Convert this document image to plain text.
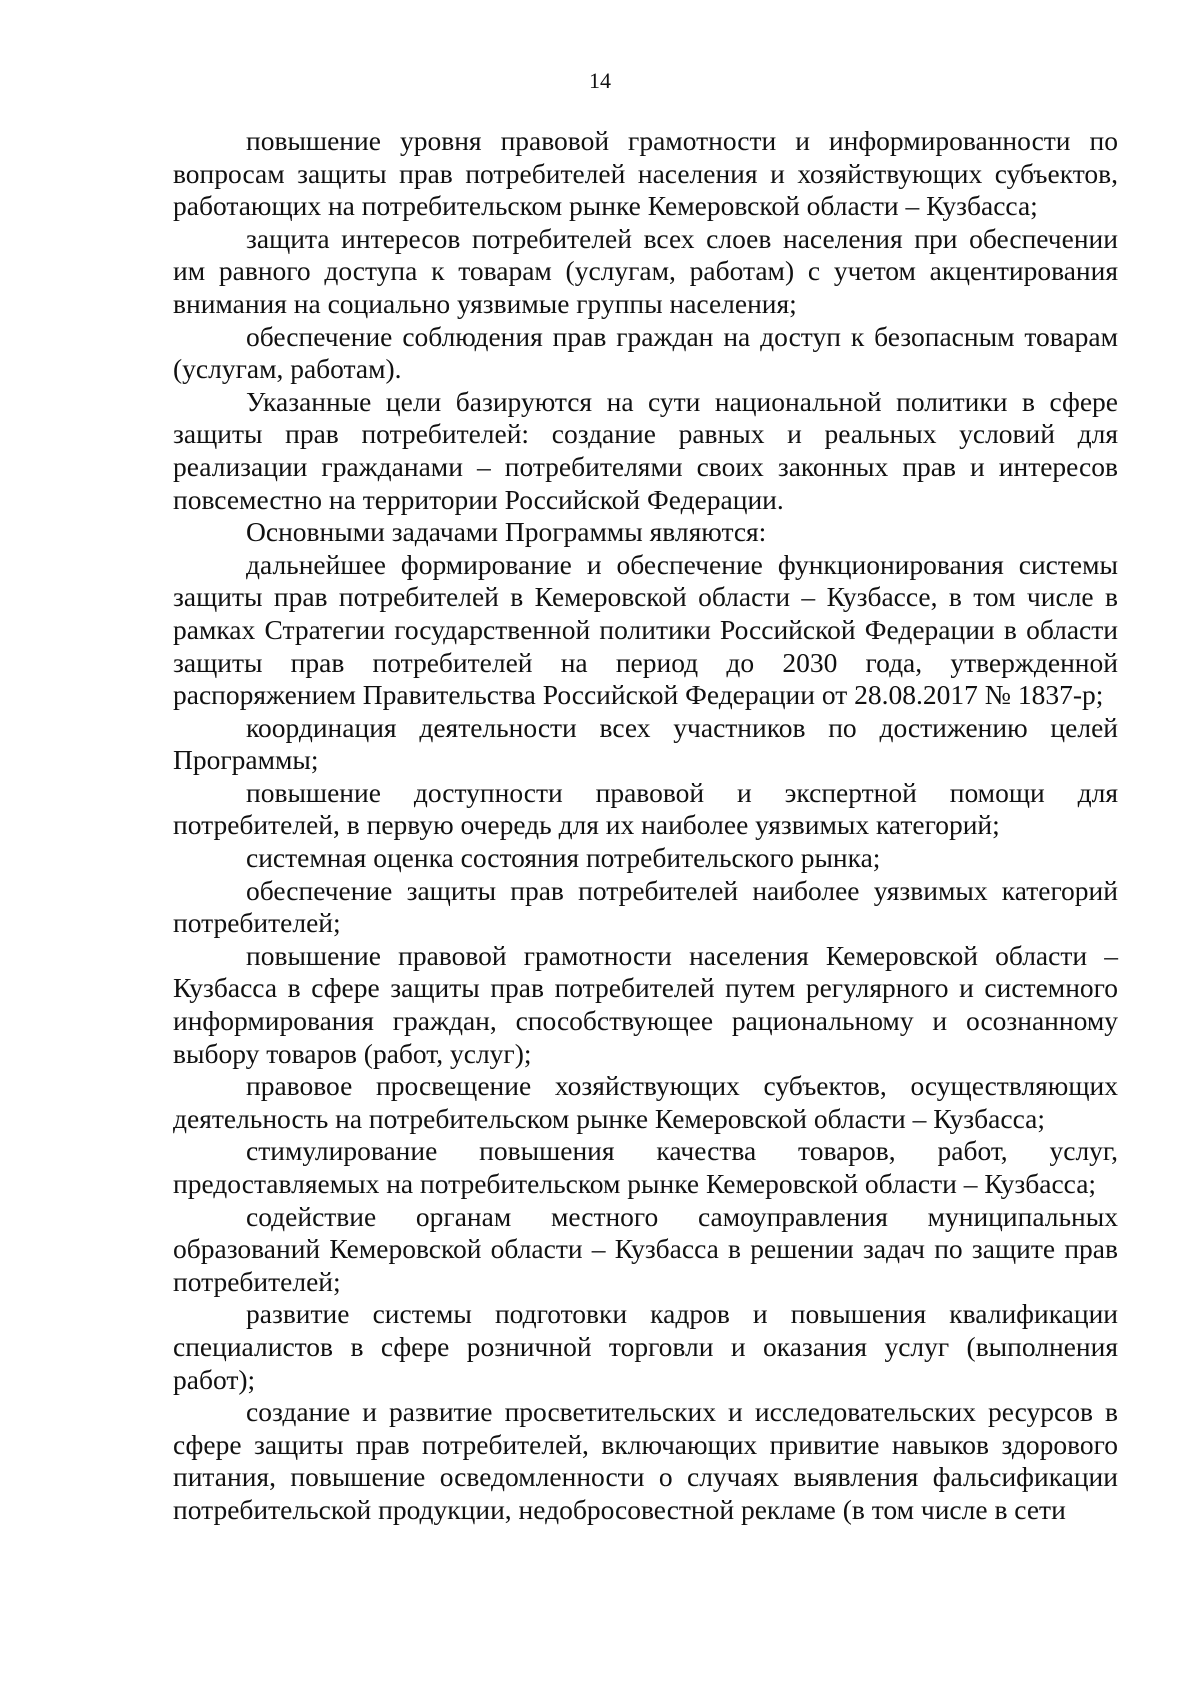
14

повышение уровня правовой грамотности и информированности по вопросам защиты прав потребителей населения и хозяйствующих субъектов, работающих на потребительском рынке Кемеровской области – Кузбасса;

защита интересов потребителей всех слоев населения при обеспечении им равного доступа к товарам (услугам, работам) с учетом акцентирования внимания на социально уязвимые группы населения;

обеспечение соблюдения прав граждан на доступ к безопасным товарам (услугам, работам).

Указанные цели базируются на сути национальной политики в сфере защиты прав потребителей: создание равных и реальных условий для реализации гражданами – потребителями своих законных прав и интересов повсеместно на территории Российской Федерации.

Основными задачами Программы являются:

дальнейшее формирование и обеспечение функционирования системы защиты прав потребителей в Кемеровской области – Кузбассе, в том числе в рамках Стратегии государственной политики Российской Федерации в области защиты прав потребителей на период до 2030 года, утвержденной распоряжением Правительства Российской Федерации от 28.08.2017 № 1837-р;

координация деятельности всех участников по достижению целей Программы;

повышение доступности правовой и экспертной помощи для потребителей, в первую очередь для их наиболее уязвимых категорий;

системная оценка состояния потребительского рынка;

обеспечение защиты прав потребителей наиболее уязвимых категорий потребителей;

повышение правовой грамотности населения Кемеровской области – Кузбасса в сфере защиты прав потребителей путем регулярного и системного информирования граждан, способствующее рациональному и осознанному выбору товаров (работ, услуг);

правовое просвещение хозяйствующих субъектов, осуществляющих деятельность на потребительском рынке Кемеровской области – Кузбасса;

стимулирование повышения качества товаров, работ, услуг, предоставляемых на потребительском рынке Кемеровской области – Кузбасса;

содействие органам местного самоуправления муниципальных образований Кемеровской области – Кузбасса в решении задач по защите прав потребителей;

развитие системы подготовки кадров и повышения квалификации специалистов в сфере розничной торговли и оказания услуг (выполнения работ);

создание и развитие просветительских и исследовательских ресурсов в сфере защиты прав потребителей, включающих привитие навыков здорового питания, повышение осведомленности о случаях выявления фальсификации потребительской продукции, недобросовестной рекламе (в том числе в сети
